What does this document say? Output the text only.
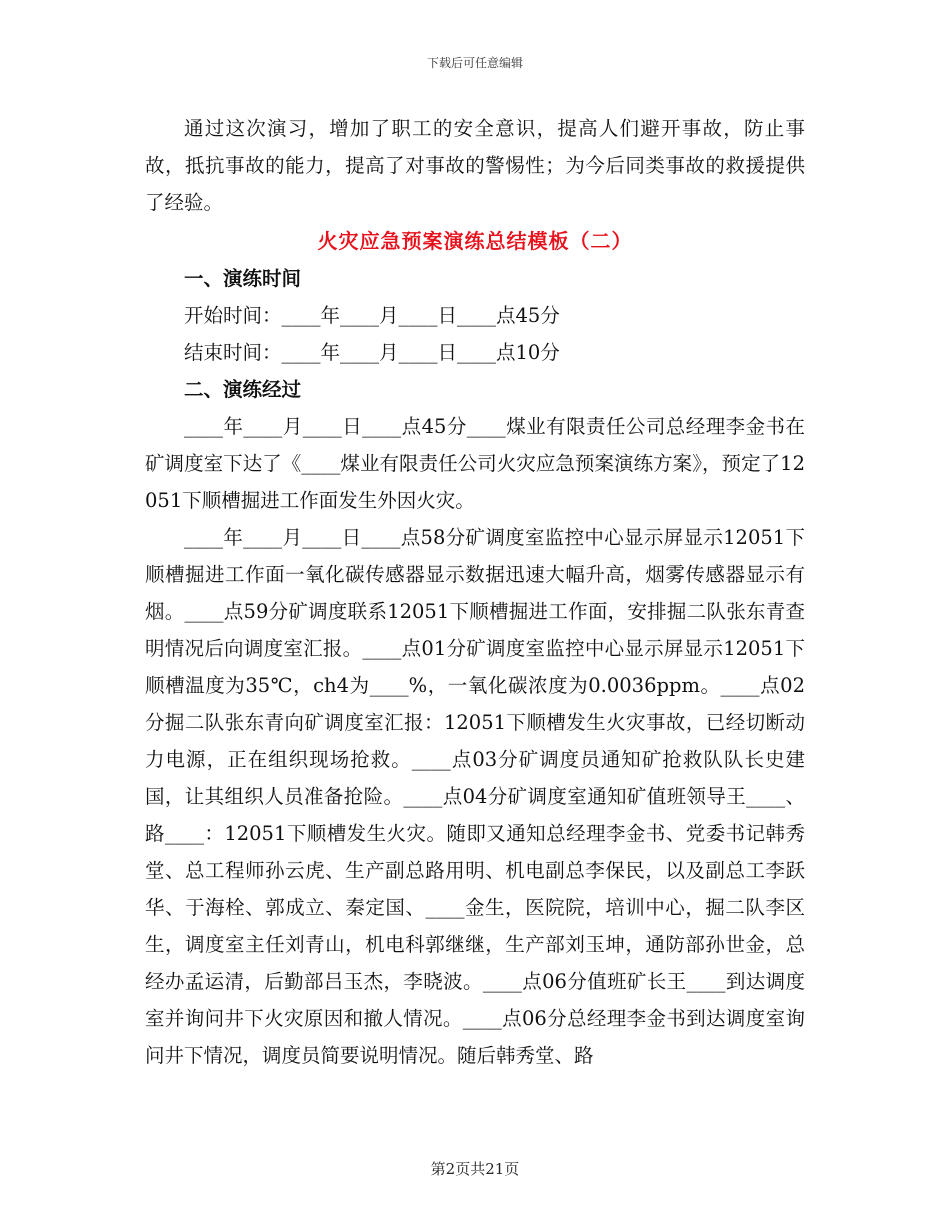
下载后可任意编辑

通过这次演习，增加了职工的安全意识，提高人们避开事故，防止事故，抵抗事故的能力，提高了对事故的警惕性；为今后同类事故的救援提供了经验。

火灾应急预案演练总结模板（二）

一、演练时间

开始时间：____年____月____日____点45分

结束时间：____年____月____日____点10分

二、演练经过

____年____月____日____点45分____煤业有限责任公司总经理李金书在矿调度室下达了《____煤业有限责任公司火灾应急预案演练方案》，预定了12051下顺槽掘进工作面发生外因火灾。

____年____月____日____点58分矿调度室监控中心显示屏显示12051下顺槽掘进工作面一氧化碳传感器显示数据迅速大幅升高，烟雾传感器显示有烟。____点59分矿调度联系12051下顺槽掘进工作面，安排掘二队张东青查明情况后向调度室汇报。____点01分矿调度室监控中心显示屏显示12051下顺槽温度为35℃，ch4为____%，一氧化碳浓度为0.0036ppm。____点02分掘二队张东青向矿调度室汇报：12051下顺槽发生火灾事故，已经切断动力电源，正在组织现场抢救。____点03分矿调度员通知矿抢救队队长史建国，让其组织人员准备抢险。____点04分矿调度室通知矿值班领导王____、路____：12051下顺槽发生火灾。随即又通知总经理李金书、党委书记韩秀堂、总工程师孙云虎、生产副总路用明、机电副总李保民，以及副总工李跃华、于海栓、郭成立、秦定国、____金生，医院院，培训中心，掘二队李区生，调度室主任刘青山，机电科郭继继，生产部刘玉坤，通防部孙世金，总经办孟运清，后勤部吕玉杰，李晓波。____点06分值班矿长王____到达调度室并询问井下火灾原因和撤人情况。____点06分总经理李金书到达调度室询问井下情况，调度员简要说明情况。随后韩秀堂、路

第2页共21页
